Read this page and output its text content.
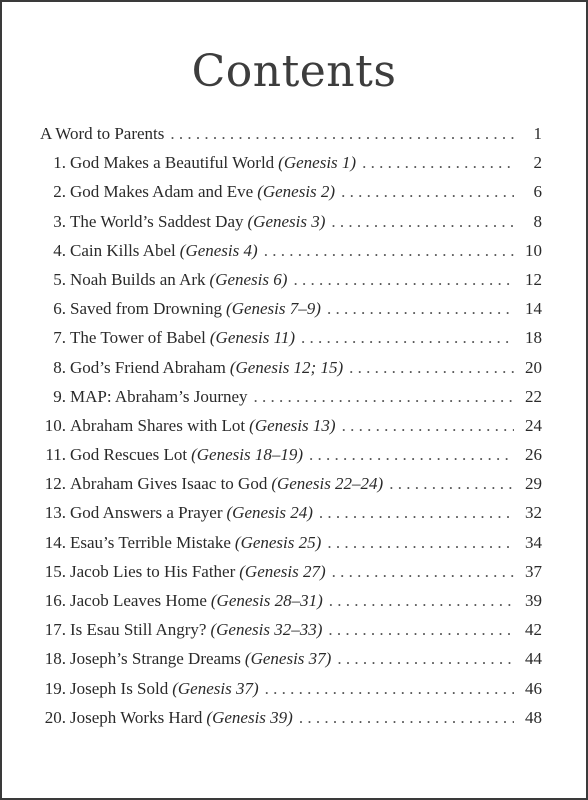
Contents
A Word to Parents . . .	1
1. God Makes a Beautiful World (Genesis 1) . . .	2
2. God Makes Adam and Eve (Genesis 2) . . .	6
3. The World’s Saddest Day (Genesis 3) . . .	8
4. Cain Kills Abel (Genesis 4) . . .	10
5. Noah Builds an Ark (Genesis 6) . . .	12
6. Saved from Drowning (Genesis 7–9) . . .	14
7. The Tower of Babel (Genesis 11) . . .	18
8. God’s Friend Abraham (Genesis 12; 15) . . .	20
9. MAP: Abraham’s Journey . . .	22
10. Abraham Shares with Lot (Genesis 13) . . .	24
11. God Rescues Lot (Genesis 18–19) . . .	26
12. Abraham Gives Isaac to God (Genesis 22–24) . . .	29
13. God Answers a Prayer (Genesis 24) . . .	32
14. Esau’s Terrible Mistake (Genesis 25) . . .	34
15. Jacob Lies to His Father (Genesis 27) . . .	37
16. Jacob Leaves Home (Genesis 28–31) . . .	39
17. Is Esau Still Angry? (Genesis 32–33) . . .	42
18. Joseph’s Strange Dreams (Genesis 37) . . .	44
19. Joseph Is Sold (Genesis 37) . . .	46
20. Joseph Works Hard (Genesis 39) . . .	48
